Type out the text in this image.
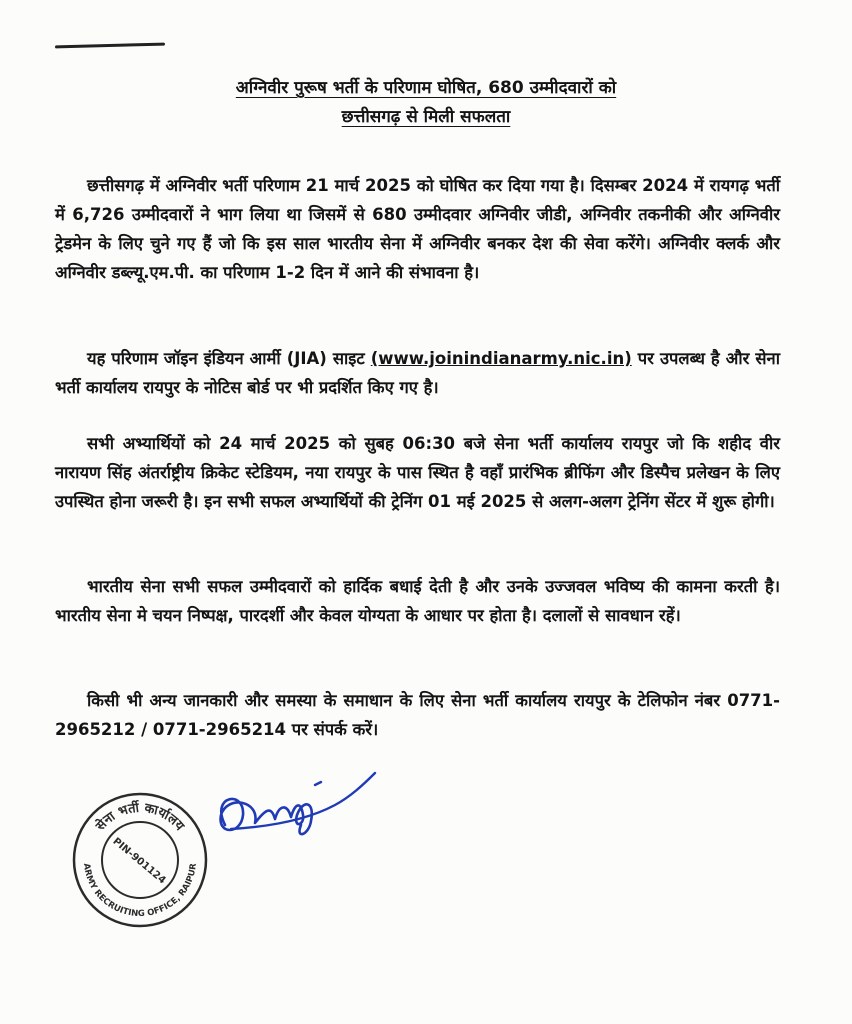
अग्निवीर पुरूष भर्ती के परिणाम घोषित, 680 उम्मीदवारों को
छत्तीसगढ़ से मिली सफलता

छत्तीसगढ़ में अग्निवीर भर्ती परिणाम 21 मार्च 2025 को घोषित कर दिया गया है। दिसम्बर 2024 में रायगढ़ भर्ती में 6,726 उम्मीदवारों ने भाग लिया था जिसमें से 680 उम्मीदवार अग्निवीर जीडी, अग्निवीर तकनीकी और अग्निवीर ट्रेडमेन के लिए चुने गए हैं जो कि इस साल भारतीय सेना में अग्निवीर बनकर देश की सेवा करेंगे। अग्निवीर क्लर्क और अग्निवीर डब्ल्यू.एम.पी. का परिणाम 1-2 दिन में आने की संभावना है।

यह परिणाम जॉइन इंडियन आर्मी (JIA) साइट (www.joinindianarmy.nic.in) पर उपलब्ध है और सेना भर्ती कार्यालय रायपुर के नोटिस बोर्ड पर भी प्रदर्शित किए गए है।

सभी अभ्यार्थियों को 24 मार्च 2025 को सुबह 06:30 बजे सेना भर्ती कार्यालय रायपुर जो कि शहीद वीर नारायण सिंह अंतर्राष्ट्रीय क्रिकेट स्टेडियम, नया रायपुर के पास स्थित है वहाँ प्रारंभिक ब्रीफिंग और डिस्पैच प्रलेखन के लिए उपस्थित होना जरूरी है। इन सभी सफल अभ्यार्थियों की ट्रेनिंग 01 मई 2025 से अलग-अलग ट्रेनिंग सेंटर में शुरू होगी।

भारतीय सेना सभी सफल उम्मीदवारों को हार्दिक बधाई देती है और उनके उज्जवल भविष्य की कामना करती है। भारतीय सेना मे चयन निष्पक्ष, पारदर्शी और केवल योग्यता के आधार पर होता है। दलालों से सावधान रहें।

किसी भी अन्य जानकारी और समस्या के समाधान के लिए सेना भर्ती कार्यालय रायपुर के टेलिफोन नंबर 0771-2965212 / 0771-2965214 पर संपर्क करें।

सेना भर्ती कार्यालय
ARMY RECRUITING OFFICE, RAIPUR
PIN-901124
